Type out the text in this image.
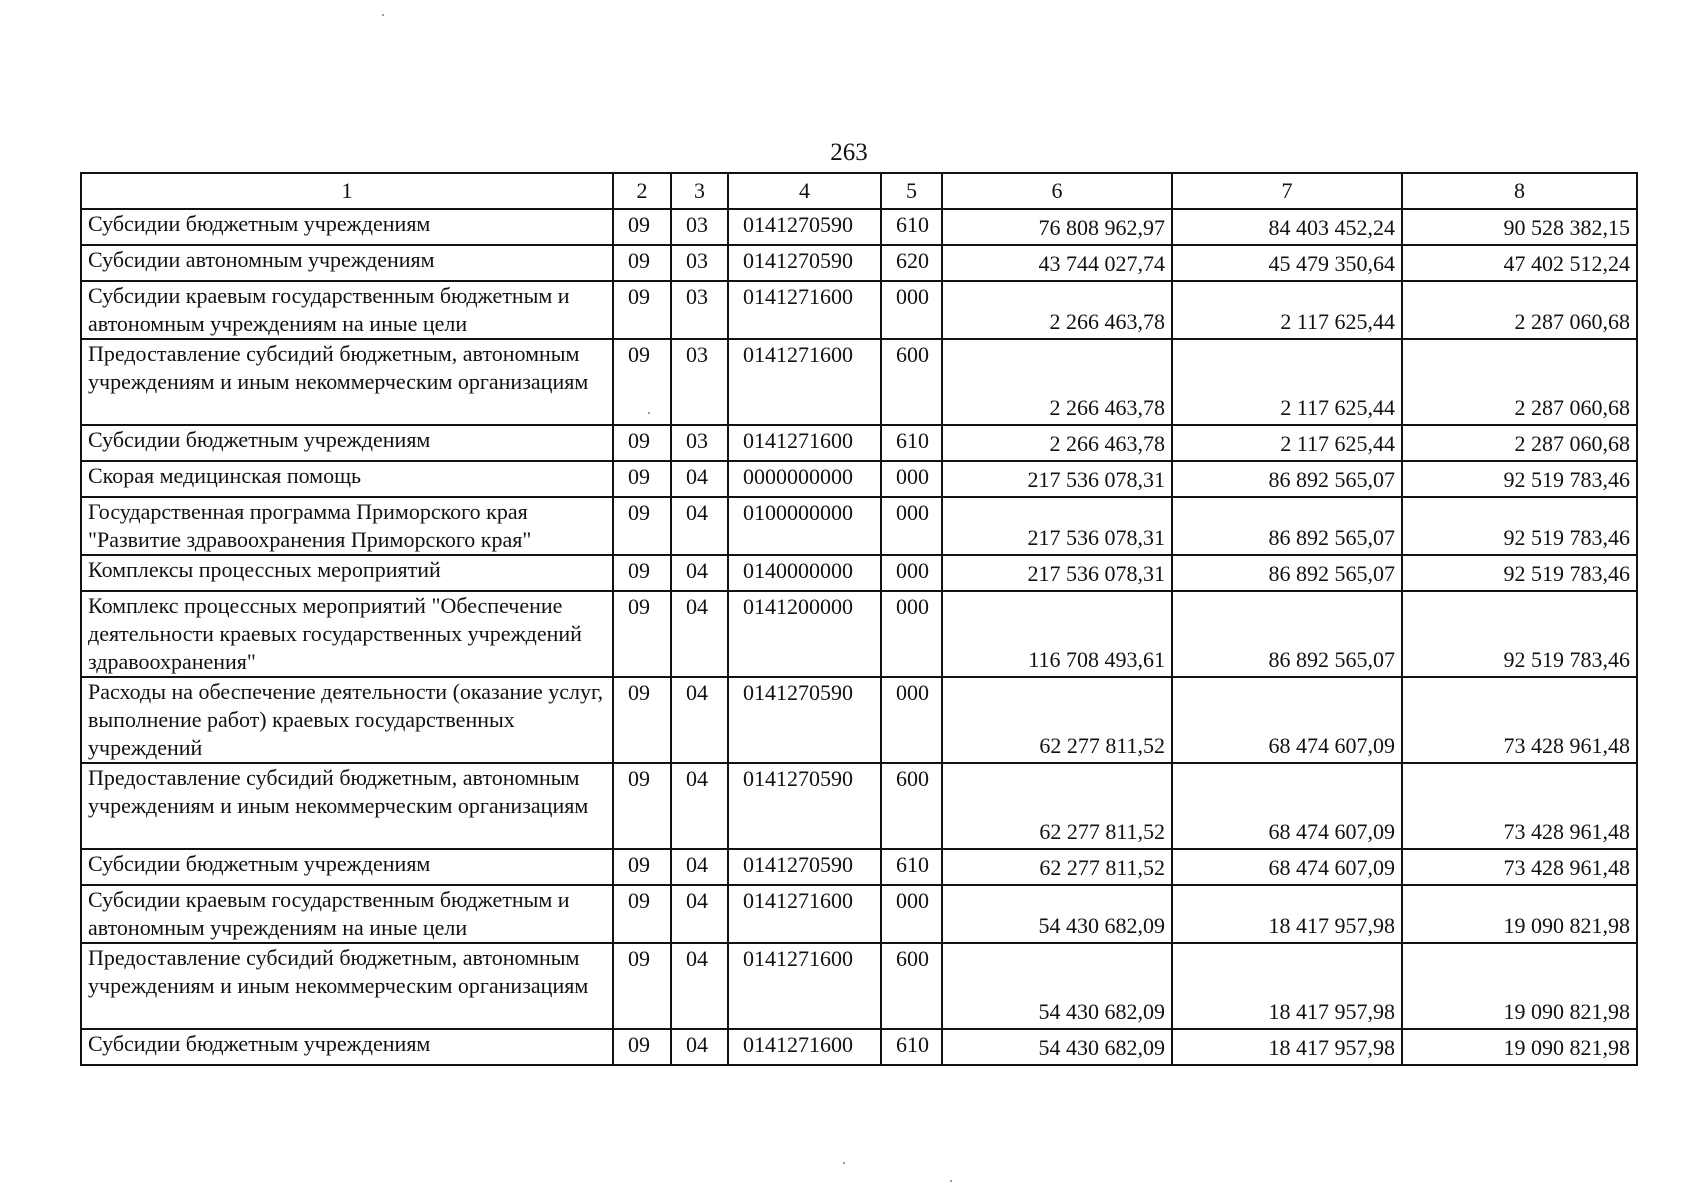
263
1	2	3	4	5	6	7	8
Субсидии бюджетным учреждениям	09	03	0141270590	610	76 808 962,97	84 403 452,24	90 528 382,15
Субсидии автономным учреждениям	09	03	0141270590	620	43 744 027,74	45 479 350,64	47 402 512,24
Субсидии краевым государственным бюджетным и автономным учреждениям на иные цели	09	03	0141271600	000	2 266 463,78	2 117 625,44	2 287 060,68
Предоставление субсидий бюджетным, автономным учреждениям и иным некоммерческим организациям	09	03	0141271600	600	2 266 463,78	2 117 625,44	2 287 060,68
Субсидии бюджетным учреждениям	09	03	0141271600	610	2 266 463,78	2 117 625,44	2 287 060,68
Скорая медицинская помощь	09	04	0000000000	000	217 536 078,31	86 892 565,07	92 519 783,46
Государственная программа Приморского края "Развитие здравоохранения Приморского края"	09	04	0100000000	000	217 536 078,31	86 892 565,07	92 519 783,46
Комплексы процессных мероприятий	09	04	0140000000	000	217 536 078,31	86 892 565,07	92 519 783,46
Комплекс процессных мероприятий "Обеспечение деятельности краевых государственных учреждений здравоохранения"	09	04	0141200000	000	116 708 493,61	86 892 565,07	92 519 783,46
Расходы на обеспечение деятельности (оказание услуг, выполнение работ) краевых государственных учреждений	09	04	0141270590	000	62 277 811,52	68 474 607,09	73 428 961,48
Предоставление субсидий бюджетным, автономным учреждениям и иным некоммерческим организациям	09	04	0141270590	600	62 277 811,52	68 474 607,09	73 428 961,48
Субсидии бюджетным учреждениям	09	04	0141270590	610	62 277 811,52	68 474 607,09	73 428 961,48
Субсидии краевым государственным бюджетным и автономным учреждениям на иные цели	09	04	0141271600	000	54 430 682,09	18 417 957,98	19 090 821,98
Предоставление субсидий бюджетным, автономным учреждениям и иным некоммерческим организациям	09	04	0141271600	600	54 430 682,09	18 417 957,98	19 090 821,98
Субсидии бюджетным учреждениям	09	04	0141271600	610	54 430 682,09	18 417 957,98	19 090 821,98
